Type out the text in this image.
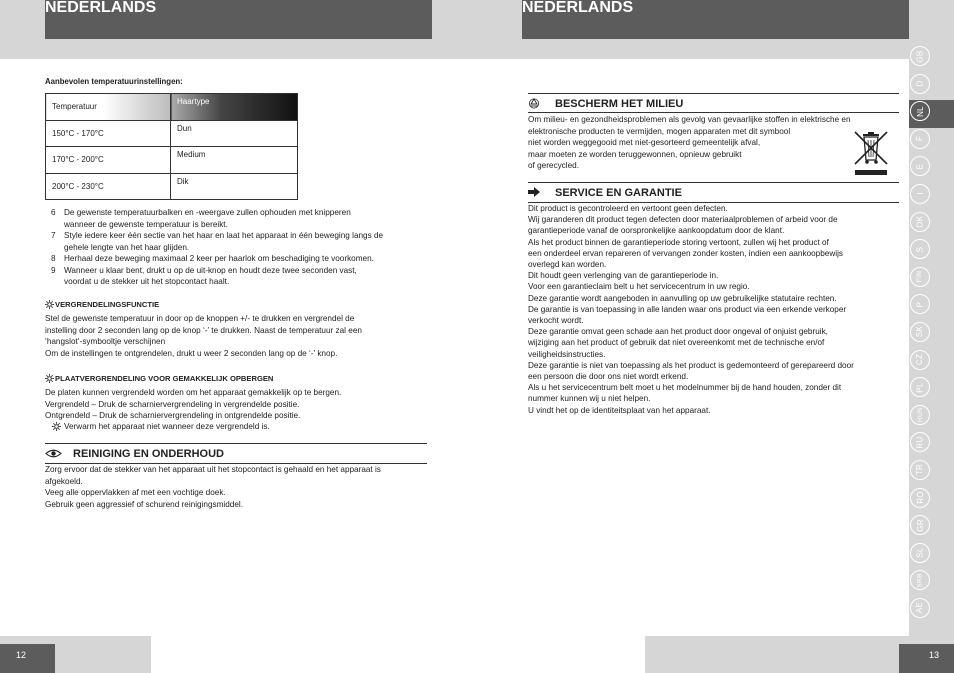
NEDERLANDS	NEDERLANDS
GB
D
NL
F
E
I
DK
S
FIN
P
SK
CZ
PL
HUN
RU
TR
RO
GR
SL
SRB
AE
Aanbevolen temperatuurinstellingen:
Temperatuur	Haartype
150°C - 170°C	Dun
170°C - 200°C	Medium
200°C - 230°C	Dik
6 De gewenste temperatuurbalken en -weergave zullen ophouden met knipperen
wanneer de gewenste temperatuur is bereikt.
7 Style iedere keer één sectie van het haar en laat het apparaat in één beweging langs de
gehele lengte van het haar glijden.
8 Herhaal deze beweging maximaal 2 keer per haarlok om beschadiging te voorkomen.
9 Wanneer u klaar bent, drukt u op de uit-knop en houdt deze twee seconden vast,
voordat u de stekker uit het stopcontact haalt.
VERGRENDELINGSFUNCTIE
Stel de gewenste temperatuur in door op de knoppen +/- te drukken en vergrendel de
instelling door 2 seconden lang op de knop ‘-’ te drukken. Naast de temperatuur zal een
‘hangslot’-symbooltje verschijnen
Om de instellingen te ontgrendelen, drukt u weer 2 seconden lang op de ‘-’ knop.
PLAATVERGRENDELING VOOR GEMAKKELIJK OPBERGEN
De platen kunnen vergrendeld worden om het apparaat gemakkelijk op te bergen.
Vergrendeld – Druk de scharniervergrendeling in vergrendelde positie.
Ontgrendeld – Druk de scharniervergrendeling in ontgrendelde positie.
Verwarm het apparaat niet wanneer deze vergrendeld is.
REINIGING EN ONDERHOUD
Zorg ervoor dat de stekker van het apparaat uit het stopcontact is gehaald en het apparaat is
afgekoeld.
Veeg alle oppervlakken af met een vochtige doek.
Gebruik geen aggressief of schurend reinigingsmiddel.
BESCHERM HET MILIEU
Om milieu- en gezondheidsproblemen als gevolg van gevaarlijke stoffen in elektrische en
elektronische producten te vermijden, mogen apparaten met dit symbool
niet worden weggegooid met niet-gesorteerd gemeentelijk afval,
maar moeten ze worden teruggewonnen, opnieuw gebruikt
of gerecycled.
SERVICE EN GARANTIE
Dit product is gecontroleerd en vertoont geen defecten.
Wij garanderen dit product tegen defecten door materiaalproblemen of arbeid voor de
garantieperiode vanaf de oorspronkelijke aankoopdatum door de klant.
Als het product binnen de garantieperiode storing vertoont, zullen wij het product of
een onderdeel ervan repareren of vervangen zonder kosten, indien een aankoopbewijs
overlegd kan worden.
Dit houdt geen verlenging van de garantieperiode in.
Voor een garantieclaim belt u het servicecentrum in uw regio.
Deze garantie wordt aangeboden in aanvulling op uw gebruikelijke statutaire rechten.
De garantie is van toepassing in alle landen waar ons product via een erkende verkoper
verkocht wordt.
Deze garantie omvat geen schade aan het product door ongeval of onjuist gebruik,
wijziging aan het product of gebruik dat niet overeenkomt met de technische en/of
veiligheidsinstructies.
Deze garantie is niet van toepassing als het product is gedemonteerd of gerepareerd door
een persoon die door ons niet wordt erkend.
Als u het servicecentrum belt moet u het modelnummer bij de hand houden, zonder dit
nummer kunnen wij u niet helpen.
U vindt het op de identiteitsplaat van het apparaat.
12	13
